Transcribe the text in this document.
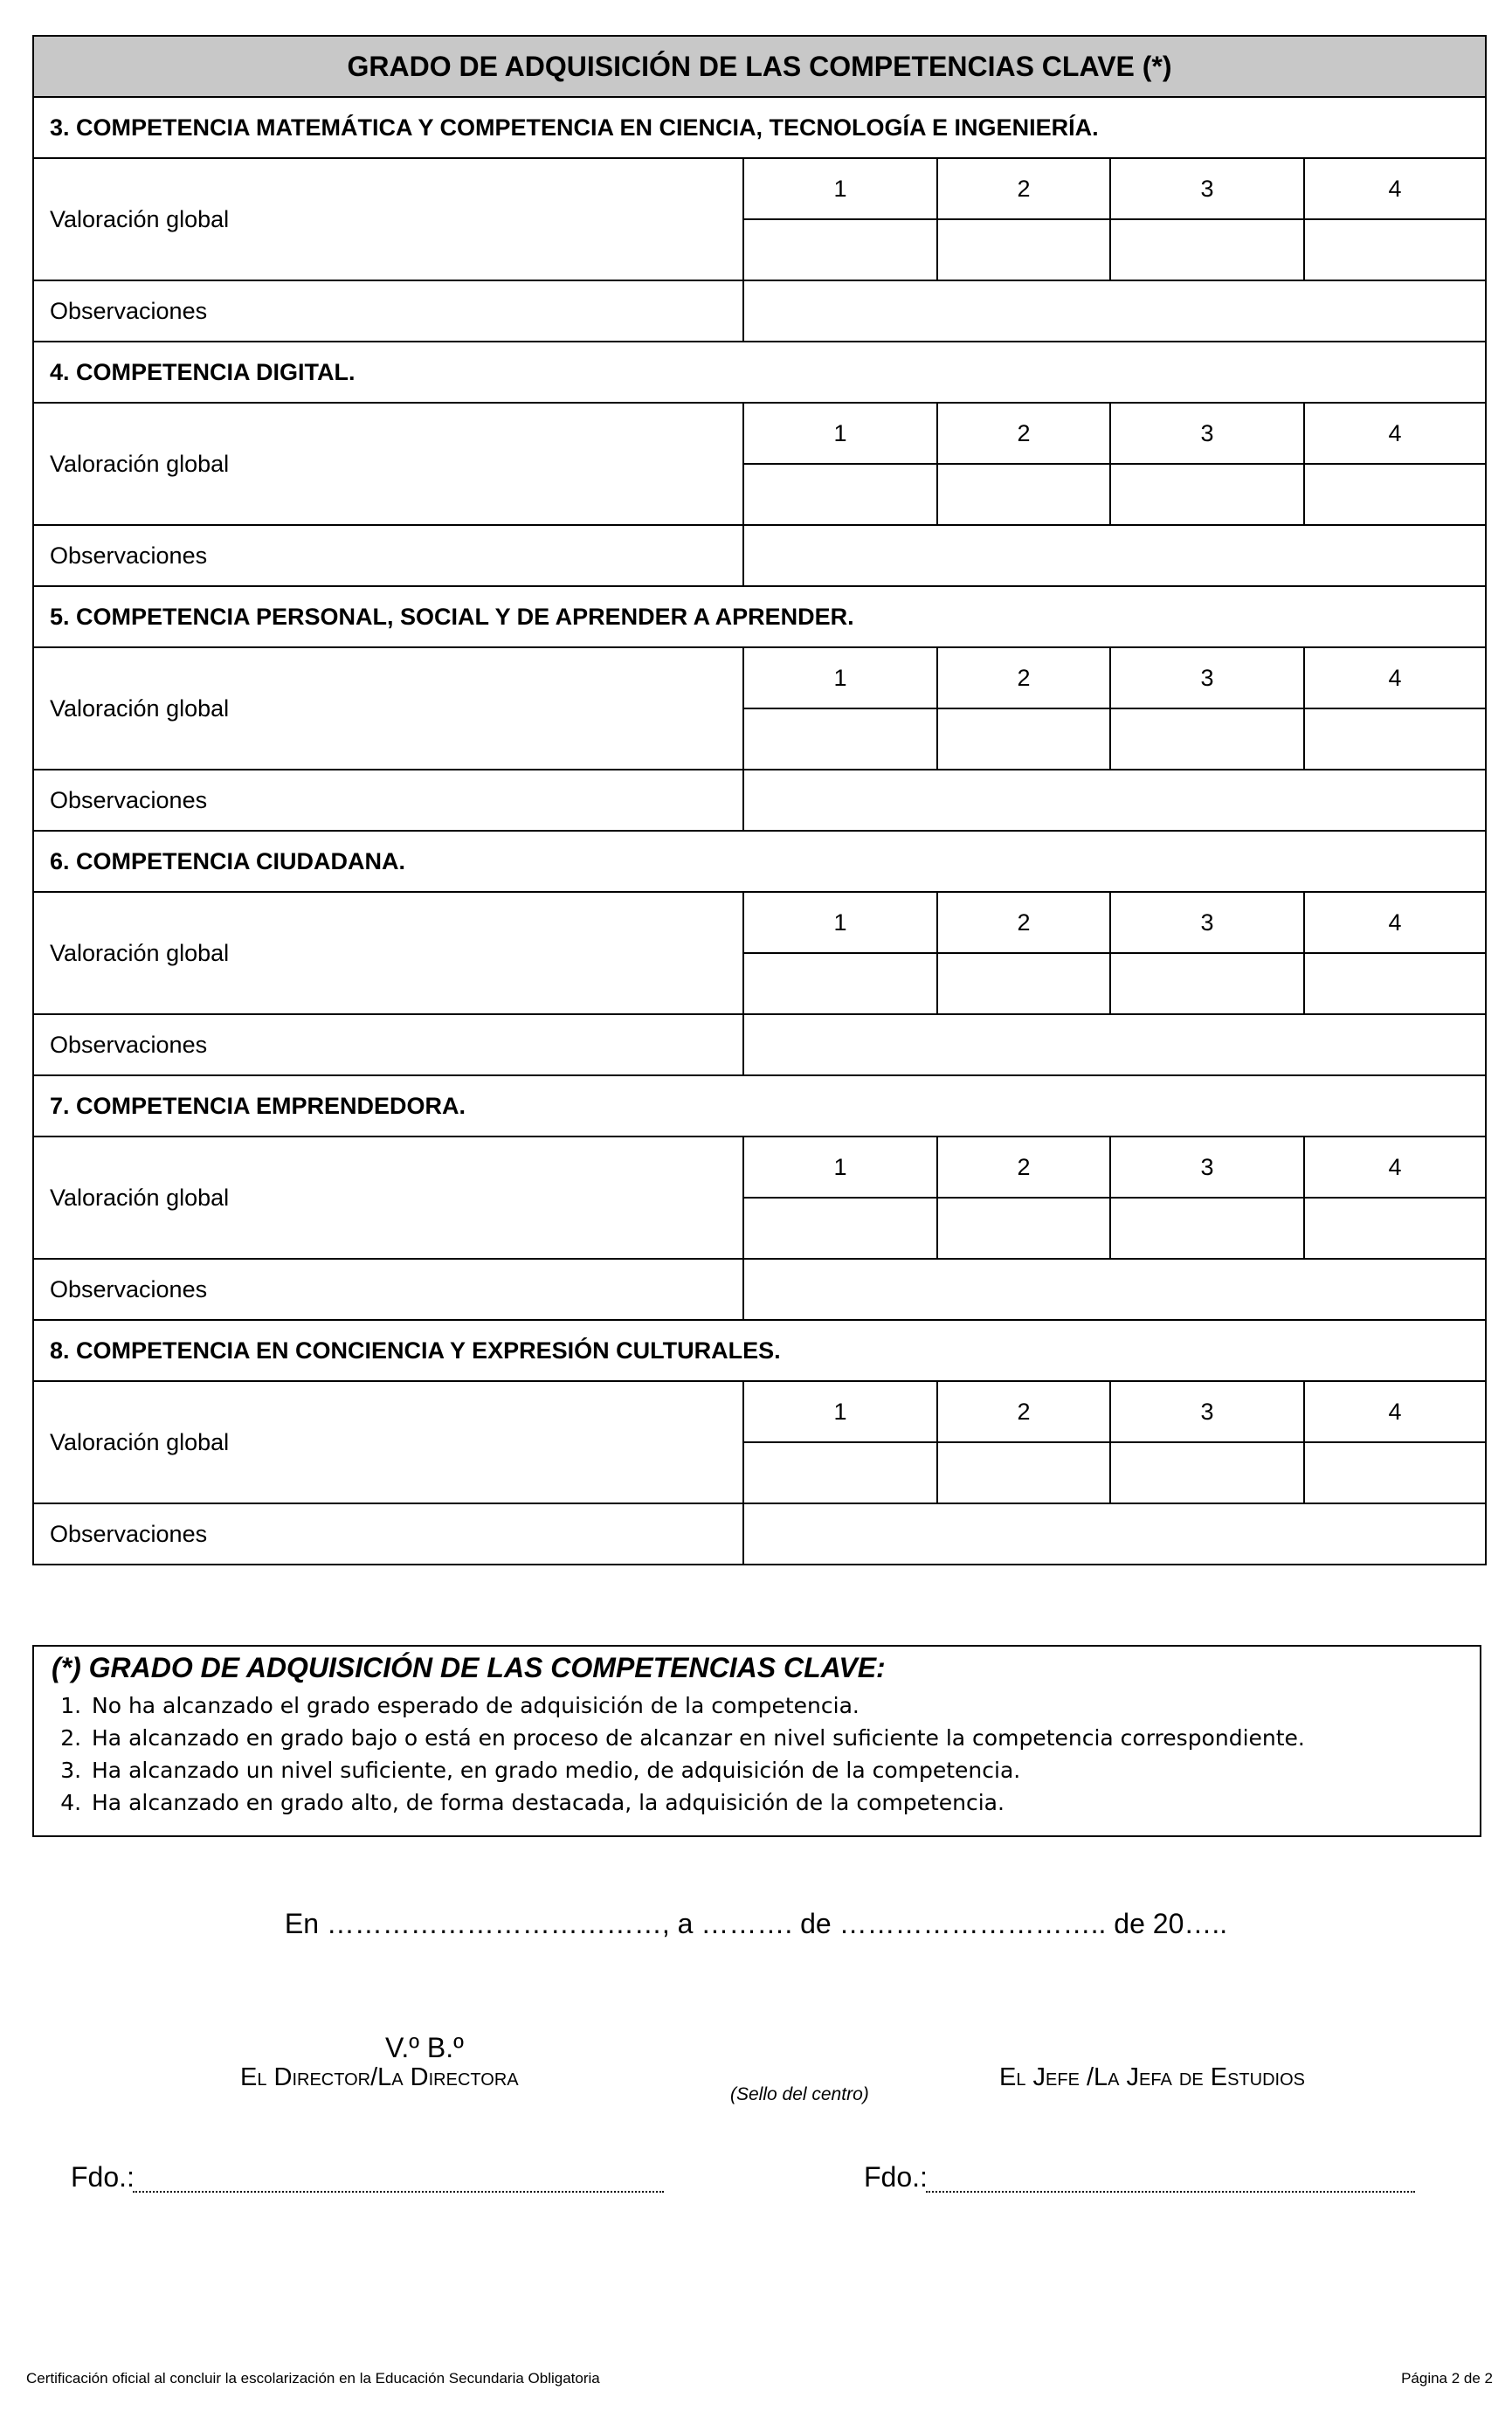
GRADO DE ADQUISICIÓN DE LAS COMPETENCIAS CLAVE (*)				
3. COMPETENCIA MATEMÁTICA Y COMPETENCIA EN CIENCIA, TECNOLOGÍA E INGENIERÍA.				
Valoración global	1	2	3	4

Observaciones				
4. COMPETENCIA DIGITAL.				
Valoración global	1	2	3	4

Observaciones				
5. COMPETENCIA PERSONAL, SOCIAL Y DE APRENDER A APRENDER.				
Valoración global	1	2	3	4

Observaciones				
6. COMPETENCIA CIUDADANA.				
Valoración global	1	2	3	4

Observaciones				
7. COMPETENCIA EMPRENDEDORA.				
Valoración global	1	2	3	4

Observaciones				
8. COMPETENCIA EN CONCIENCIA Y EXPRESIÓN CULTURALES.				
Valoración global	1	2	3	4

Observaciones				
(*) GRADO DE ADQUISICIÓN DE LAS COMPETENCIAS CLAVE:
1. No ha alcanzado el grado esperado de adquisición de la competencia.
2. Ha alcanzado en grado bajo o está en proceso de alcanzar en nivel suficiente la competencia correspondiente.
3. Ha alcanzado un nivel suficiente, en grado medio, de adquisición de la competencia.
4. Ha alcanzado en grado alto, de forma destacada, la adquisición de la competencia.
En ………………………………, a ………. de ……………………….. de 20…..
V.º B.º
El Director/La Directora
(Sello del centro)
El Jefe /La Jefa de Estudios
Fdo.:	Fdo.:
Certificación oficial al concluir la escolarización en la Educación Secundaria Obligatoria	Página 2 de 2
